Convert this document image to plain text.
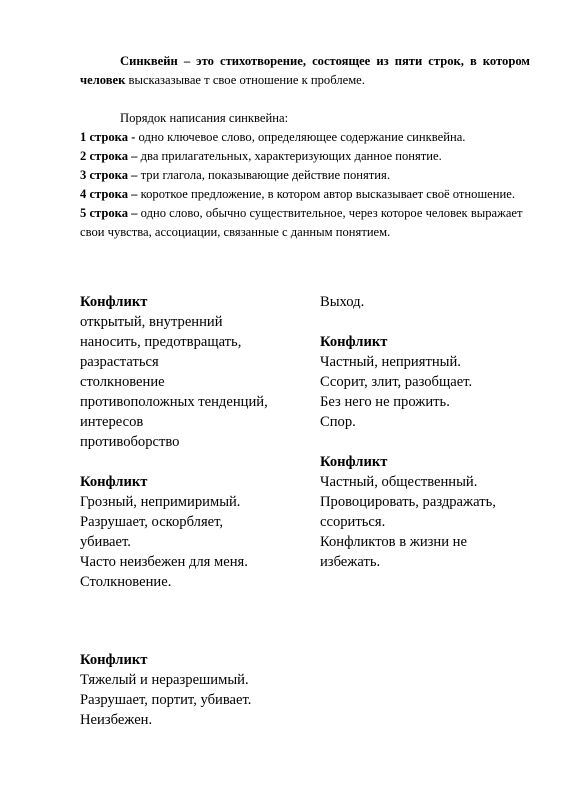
Синквейн – это стихотворение, состоящее из пяти строк, в котором человек высказазывае т свое отношение к проблеме.

Порядок написания синквейна:

1 строка - одно ключевое слово, определяющее содержание синквейна.

2 строка – два прилагательных, характеризующих данное понятие.

3 строка – три глагола, показывающие действие понятия.

4 строка – короткое предложение, в котором автор высказывает своё отношение.

5 строка – одно слово, обычно существительное, через которое человек выражает свои чувства, ассоциации, связанные с данным понятием.

Конфликт
открытый, внутренний
наносить, предотвращать,
разрастаться
столкновение
противоположных тенденций,
интересов
противоборство
Конфликт
Грозный, непримиримый.
Разрушает, оскорбляет,
убивает.
Часто неизбежен для меня.
Столкновение.
Конфликт
Тяжелый и неразрешимый.
Разрушает, портит, убивает.
Неизбежен.
Выход.
Конфликт
Частный, неприятный.
Ссорит, злит, разобщает.
Без него не прожить.
Спор.
Конфликт
Частный, общественный.
Провоцировать, раздражать,
ссориться.
Конфликтов в жизни не
избежать.
